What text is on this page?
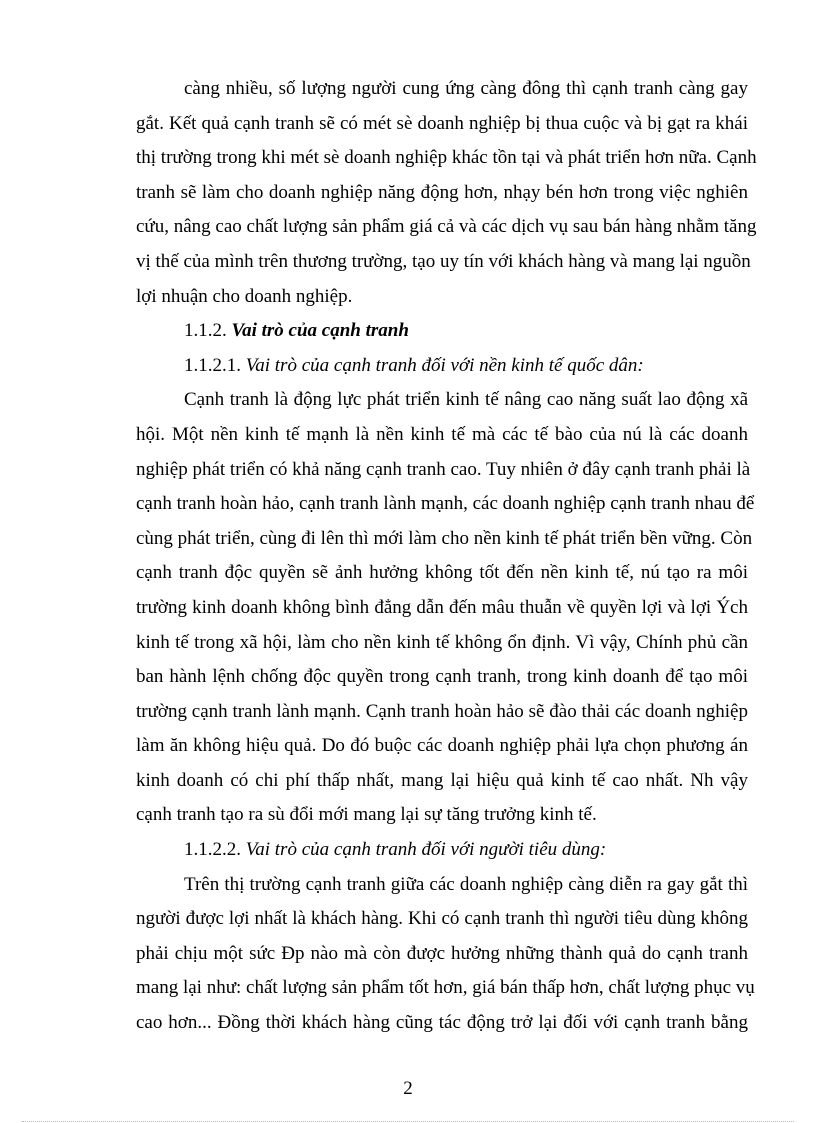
càng nhiều, số lượng người cung ứng càng đông thì cạnh tranh càng gay
gắt. Kết quả cạnh tranh sẽ có mét sè doanh nghiệp bị thua cuộc và bị gạt ra khái
thị trường trong khi mét sè doanh nghiệp khác tồn tại và phát triển hơn nữa. Cạnh
tranh sẽ làm cho doanh nghiệp năng động hơn, nhạy bén hơn trong việc nghiên
cứu, nâng cao chất lượng sản phẩm giá cả và các dịch vụ sau bán hàng nhằm tăng
vị thế của mình trên thương trường, tạo uy tín với khách hàng và mang lại nguồn
lợi nhuận cho doanh nghiệp.
1.1.2. Vai trò của cạnh tranh
1.1.2.1. Vai trò của cạnh tranh đối với nền kinh tế quốc dân:
Cạnh tranh là động lực phát triển kinh tế nâng cao năng suất lao động xã
hội. Một nền kinh tế mạnh là nền kinh tế mà các tế bào của nú là các doanh
nghiệp phát triển có khả năng cạnh tranh cao. Tuy nhiên ở đây cạnh tranh phải là
cạnh tranh hoàn hảo, cạnh tranh lành mạnh, các doanh nghiệp cạnh tranh nhau để
cùng phát triển, cùng đi lên thì mới làm cho nền kinh tế phát triển bền vững. Còn
cạnh tranh độc quyền sẽ ảnh hưởng không tốt đến nền kinh tế, nú tạo ra môi
trường kinh doanh không bình đẳng dẫn đến mâu thuẫn về quyền lợi và lợi Ých
kinh tế trong xã hội, làm cho nền kinh tế không ổn định. Vì vậy, Chính phủ cần
ban hành lệnh chống độc quyền trong cạnh tranh, trong kinh doanh để tạo môi
trường cạnh tranh lành mạnh. Cạnh tranh hoàn hảo sẽ đào thải các doanh nghiệp
làm ăn không hiệu quả. Do đó buộc các doanh nghiệp phải lựa chọn phương án
kinh doanh có chi phí thấp nhất, mang lại hiệu quả kinh tế cao nhất. Nh vậy
cạnh tranh tạo ra sù đổi mới mang lại sự tăng trưởng kinh tế.
1.1.2.2. Vai trò của cạnh tranh đối với người tiêu dùng:
Trên thị trường cạnh tranh giữa các doanh nghiệp càng diễn ra gay gắt thì
người được lợi nhất là khách hàng. Khi có cạnh tranh thì người tiêu dùng không
phải chịu một sức Ðp nào mà còn được hưởng những thành quả do cạnh tranh
mang lại như: chất lượng sản phẩm tốt hơn, giá bán thấp hơn, chất lượng phục vụ
cao hơn... Đồng thời khách hàng cũng tác động trở lại đối với cạnh tranh bằng
2
